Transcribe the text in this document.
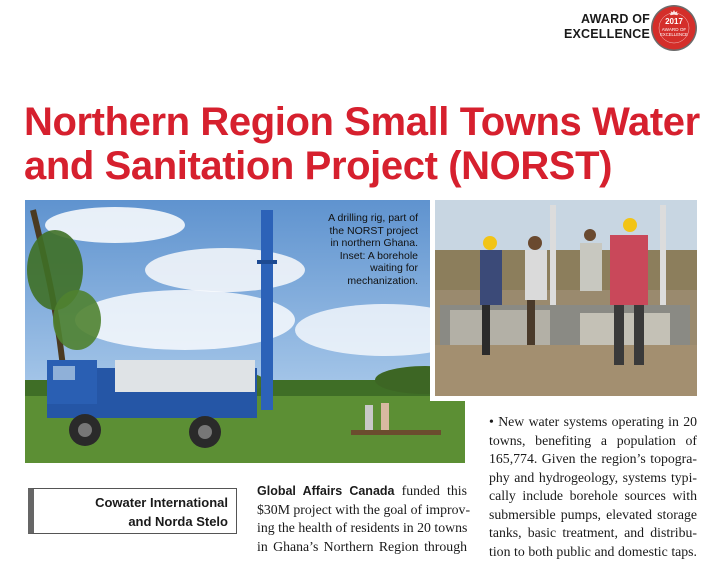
AWARD OF
EXCELLENCE
2017
AWARD OF
EXCELLENCE
Northern Region Small Towns Water
and Sanitation Project (NORST)
A drilling rig, part of
the NORST project
in northern Ghana.
Inset: A borehole
waiting for
mechanization.
Cowater International
and Norda Stelo
Global Affairs Canada funded this
$30M project with the goal of improv-
ing the health of residents in 20 towns
in Ghana’s Northern Region through
• New water systems operating in 20
towns, benefiting a population of
165,774. Given the region’s topogra-
phy and hydrogeology, systems typi-
cally include borehole sources with
submersible pumps, elevated storage
tanks, basic treatment, and distribu-
tion to both public and domestic taps.
